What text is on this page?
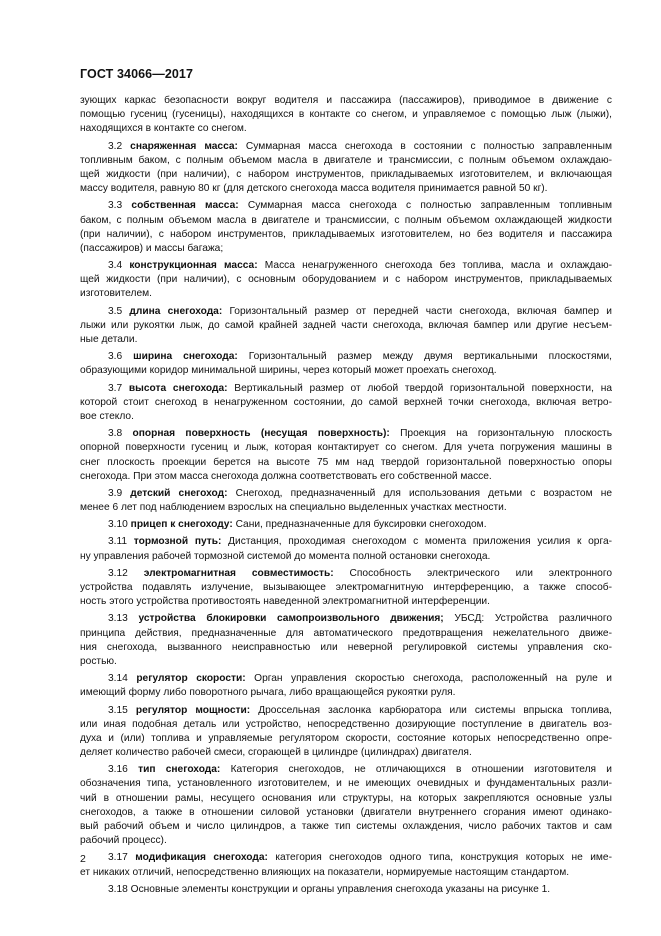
ГОСТ 34066—2017
зующих каркас безопасности вокруг водителя и пассажира (пассажиров), приводимое в движение с
помощью гусениц (гусеницы), находящихся в контакте со снегом, и управляемое с помощью лыж (лыжи),
находящихся в контакте со снегом.
3.2 снаряженная масса: Суммарная масса снегохода в состоянии с полностью заправленным
топливным баком, с полным объемом масла в двигателе и трансмиссии, с полным объемом охлаждаю-
щей жидкости (при наличии), с набором инструментов, прикладываемых изготовителем, и включающая
массу водителя, равную 80 кг (для детского снегохода масса водителя принимается равной 50 кг).
3.3 собственная масса: Суммарная масса снегохода с полностью заправленным топливным
баком, с полным объемом масла в двигателе и трансмиссии, с полным объемом охлаждающей жидкости
(при наличии), с набором инструментов, прикладываемых изготовителем, но без водителя и пассажира
(пассажиров) и массы багажа;
3.4 конструкционная масса: Масса ненагруженного снегохода без топлива, масла и охлаждаю-
щей жидкости (при наличии), с основным оборудованием и с набором инструментов, прикладываемых
изготовителем.
3.5 длина снегохода: Горизонтальный размер от передней части снегохода, включая бампер и
лыжи или рукоятки лыж, до самой крайней задней части снегохода, включая бампер или другие несъем-
ные детали.
3.6 ширина снегохода: Горизонтальный размер между двумя вертикальными плоскостями,
образующими коридор минимальной ширины, через который может проехать снегоход.
3.7 высота снегохода: Вертикальный размер от любой твердой горизонтальной поверхности, на
которой стоит снегоход в ненагруженном состоянии, до самой верхней точки снегохода, включая ветро-
вое стекло.
3.8 опорная поверхность (несущая поверхность): Проекция на горизонтальную плоскость
опорной поверхности гусениц и лыж, которая контактирует со снегом. Для учета погружения машины в
снег плоскость проекции берется на высоте 75 мм над твердой горизонтальной поверхностью опоры
снегохода. При этом масса снегохода должна соответствовать его собственной массе.
3.9 детский снегоход: Снегоход, предназначенный для использования детьми с возрастом не
менее 6 лет под наблюдением взрослых на специально выделенных участках местности.
3.10 прицеп к снегоходу: Сани, предназначенные для буксировки снегоходом.
3.11 тормозной путь: Дистанция, проходимая снегоходом с момента приложения усилия к орга-
ну управления рабочей тормозной системой до момента полной остановки снегохода.
3.12 электромагнитная совместимость: Способность электрического или электронного
устройства подавлять излучение, вызывающее электромагнитную интерференцию, а также способ-
ность этого устройства противостоять наведенной электромагнитной интерференции.
3.13 устройства блокировки самопроизвольного движения; УБСД: Устройства различного
принципа действия, предназначенные для автоматического предотвращения нежелательного движе-
ния снегохода, вызванного неисправностью или неверной регулировкой системы управления ско-
ростью.
3.14 регулятор скорости: Орган управления скоростью снегохода, расположенный на руле и
имеющий форму либо поворотного рычага, либо вращающейся рукоятки руля.
3.15 регулятор мощности: Дроссельная заслонка карбюратора или системы впрыска топлива,
или иная подобная деталь или устройство, непосредственно дозирующие поступление в двигатель воз-
духа и (или) топлива и управляемые регулятором скорости, состояние которых непосредственно опре-
деляет количество рабочей смеси, сгорающей в цилиндре (цилиндрах) двигателя.
3.16 тип снегохода: Категория снегоходов, не отличающихся в отношении изготовителя и
обозначения типа, установленного изготовителем, и не имеющих очевидных и фундаментальных разли-
чий в отношении рамы, несущего основания или структуры, на которых закрепляются основные узлы
снегоходов, а также в отношении силовой установки (двигатели внутреннего сгорания имеют одинако-
вый рабочий объем и число цилиндров, а также тип системы охлаждения, число рабочих тактов и сам
рабочий процесс).
3.17 модификация снегохода: категория снегоходов одного типа, конструкция которых не име-
ет никаких отличий, непосредственно влияющих на показатели, нормируемые настоящим стандартом.
3.18 Основные элементы конструкции и органы управления снегохода указаны на рисунке 1.
2
